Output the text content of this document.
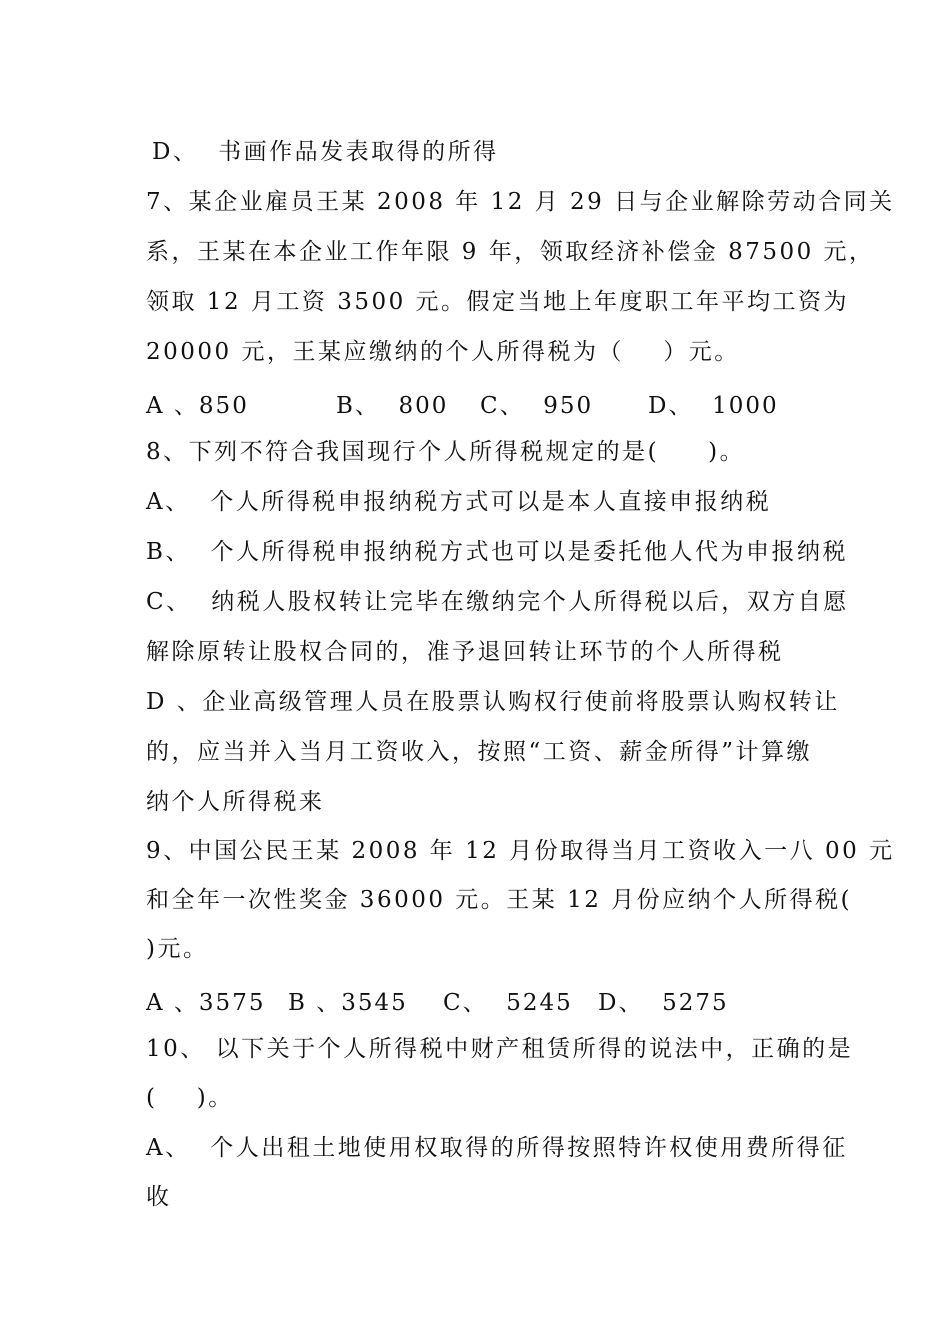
D、  书画作品发表取得的所得
7、某企业雇员王某 2008 年 12 月 29 日与企业解除劳动合同关
系，王某在本企业工作年限 9 年，领取经济补偿金 87500 元，
领取 12 月工资 3500 元。假定当地上年度职工年平均工资为
20000 元，王某应缴纳的个人所得税为（    ）元。
A 、850	B、  800 C、  950 D、  1000
8、下列不符合我国现行个人所得税规定的是(     )。
A、  个人所得税申报纳税方式可以是本人直接申报纳税
B、  个人所得税申报纳税方式也可以是委托他人代为申报纳税
C、  纳税人股权转让完毕在缴纳完个人所得税以后，双方自愿
解除原转让股权合同的，准予退回转让环节的个人所得税
D 、企业高级管理人员在股票认购权行使前将股票认购权转让
的，应当并入当月工资收入，按照“工资、薪金所得”计算缴
纳个人所得税来
9、中国公民王某 2008 年 12 月份取得当月工资收入一八 00 元
和全年一次性奖金 36000 元。王某 12 月份应纳个人所得税(
)元。
A 、3575 B 、3545 C、  5245 D、  5275
10、 以下关于个人所得税中财产租赁所得的说法中，正确的是
(    )。
A、  个人出租土地使用权取得的所得按照特许权使用费所得征
收
